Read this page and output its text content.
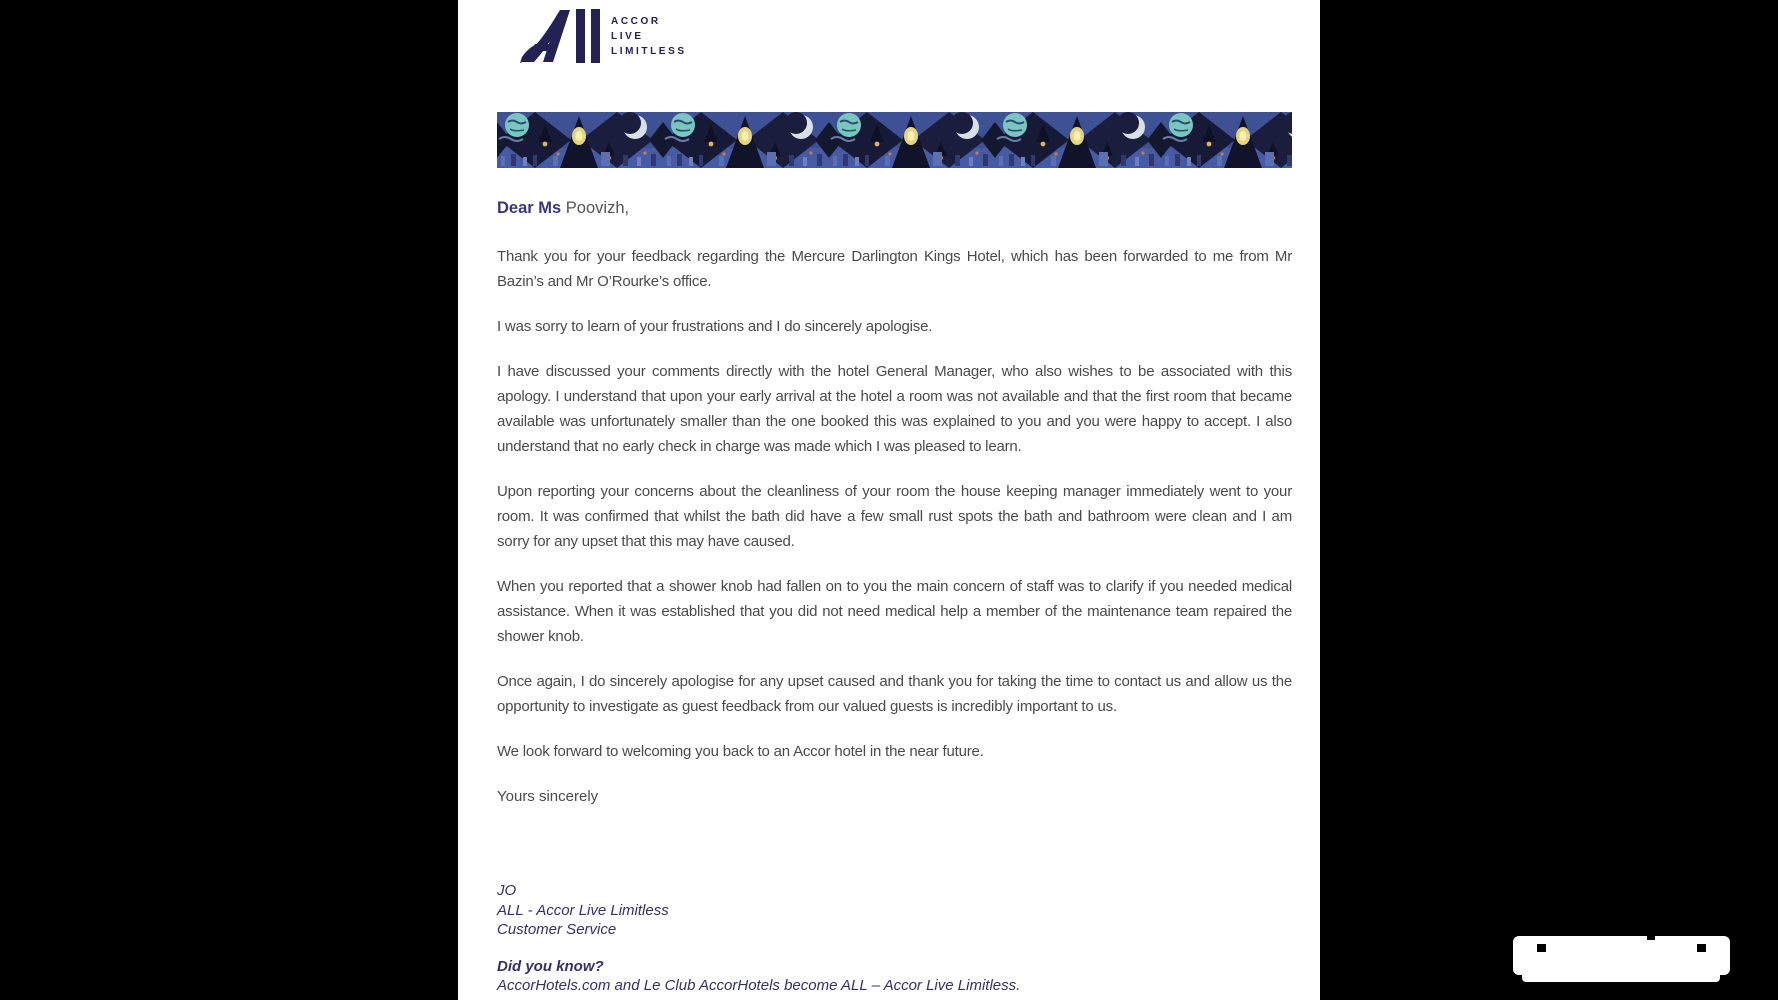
ACCOR
LIVE
LIMITLESS

Dear Ms Poovizh,

Thank you for your feedback regarding the Mercure Darlington Kings Hotel, which has been forwarded to me from Mr Bazin’s and Mr O’Rourke’s office.

I was sorry to learn of your frustrations and I do sincerely apologise.

I have discussed your comments directly with the hotel General Manager, who also wishes to be associated with this apology. I understand that upon your early arrival at the hotel a room was not available and that the first room that became available was unfortunately smaller than the one booked this was explained to you and you were happy to accept. I also understand that no early check in charge was made which I was pleased to learn.

Upon reporting your concerns about the cleanliness of your room the house keeping manager immediately went to your room. It was confirmed that whilst the bath did have a few small rust spots the bath and bathroom were clean and I am sorry for any upset that this may have caused.

When you reported that a shower knob had fallen on to you the main concern of staff was to clarify if you needed medical assistance. When it was established that you did not need medical help a member of the maintenance team repaired the shower knob.

Once again, I do sincerely apologise for any upset caused and thank you for taking the time to contact us and allow us the opportunity to investigate as guest feedback from our valued guests is incredibly important to us.

We look forward to welcoming you back to an Accor hotel in the near future.

Yours sincerely

JO

ALL - Accor Live Limitless

Customer Service

Did you know?

AccorHotels.com and Le Club AccorHotels become ALL – Accor Live Limitless.
